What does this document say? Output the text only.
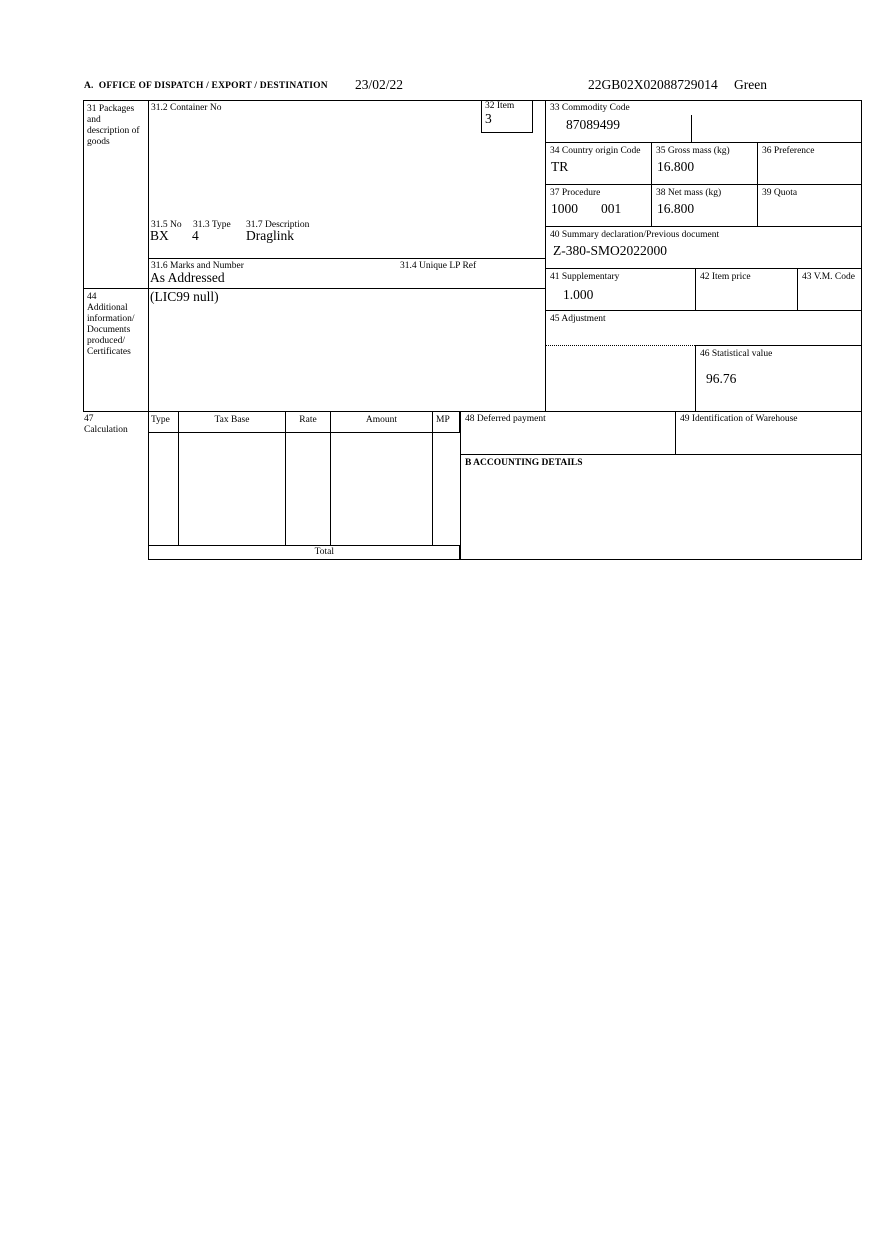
A.  OFFICE OF DISPATCH / EXPORT / DESTINATION 23/02/22	22GB02X02088729014 Green
31 Packages and description of goods
31.2 Container No	32 Item
3
31.5 No 31.3 Type 31.7 Description
BX 4	Draglink
31.6 Marks and Number	31.4 Unique LP Ref
As Addressed
44
Additional information/ Documents produced/ Certificates
(LIC99 null)
33 Commodity Code
87089499
34 Country origin Code
TR
35 Gross mass (kg)
16.800
36 Preference
37 Procedure
1000 001
38 Net mass (kg)
16.800
39 Quota
40 Summary declaration/Previous document
Z-380-SMO2022000
41 Supplementary
1.000
42 Item price	43 V.M. Code
45 Adjustment
46 Statistical value
96.76
47
Calculation
Type	Tax Base	Rate	Amount	MP
Total
48 Deferred payment	49 Identification of Warehouse
B ACCOUNTING DETAILS
